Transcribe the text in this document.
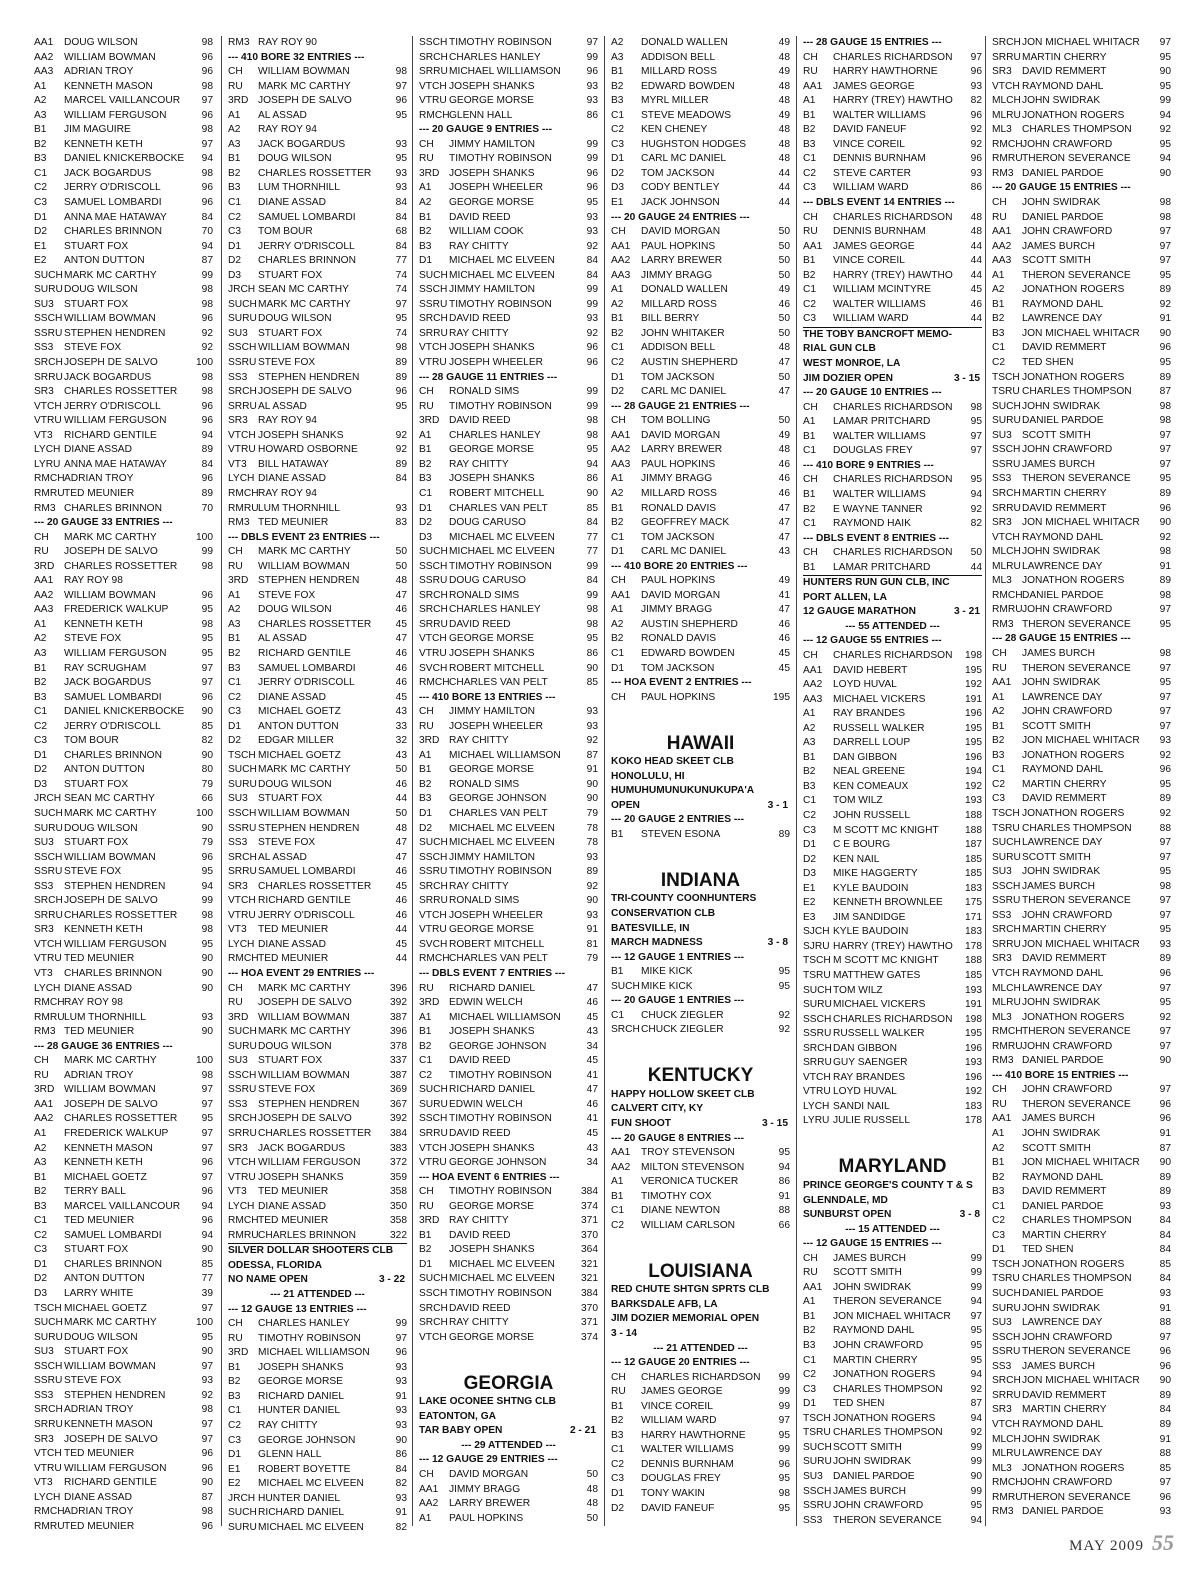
AA1	DOUG WILSON	98
AA2	WILLIAM BOWMAN	96
AA3	ADRIAN TROY	96
A1	KENNETH MASON	98
A2	MARCEL VAILLANCOUR	97
A3	WILLIAM FERGUSON	96
B1	JIM MAGUIRE	98
B2	KENNETH KETH	97
B3	DANIEL KNICKERBOCKE	94
C1	JACK BOGARDUS	98
C2	JERRY O'DRISCOLL	96
C3	SAMUEL LOMBARDI	96
D1	ANNA MAE HATAWAY	84
D2	CHARLES BRINNON	70
E1	STUART FOX	94
E2	ANTON DUTTON	87
SUCH MARK MC CARTHY	99
SURU DOUG WILSON	98
SU3 STUART FOX	98
SSCH WILLIAM BOWMAN	96
SSRU STEPHEN HENDREN	92
SS3	STEVE FOX	92
SRCH JOSEPH DE SALVO	100
SRRU JACK BOGARDUS	98
SR3 CHARLES ROSSETTER	98
VTCH JERRY O'DRISCOLL	96
VTRU WILLIAM FERGUSON	96
VT3	RICHARD GENTILE	94
LYCH DIANE ASSAD	89
LYRU ANNA MAE HATAWAY	84
RMCH ADRIAN TROY	96
RMRU TED MEUNIER	89
RM3 CHARLES BRINNON	70
--- 20 GAUGE 33 ENTRIES ---
CH	MARK MC CARTHY	100
RU	JOSEPH DE SALVO	99
3RD CHARLES ROSSETTER	98
AA1	RAY ROY 98
AA2	WILLIAM BOWMAN	96
AA3	FREDERICK WALKUP	95
A1	KENNETH KETH	98
A2	STEVE FOX	95
A3	WILLIAM FERGUSON	95
B1	RAY SCRUGHAM	97
B2	JACK BOGARDUS	97
B3	SAMUEL LOMBARDI	96
C1	DANIEL KNICKERBOCKE	90
C2	JERRY O'DRISCOLL	85
C3	TOM BOUR	82
D1	CHARLES BRINNON	90
D2	ANTON DUTTON	80
D3	STUART FOX	79
JRCH SEAN MC CARTHY	66
SUCH MARK MC CARTHY	100
SURU DOUG WILSON	90
SU3 STUART FOX	79
SSCH WILLIAM BOWMAN	96
SSRU STEVE FOX	95
SS3	STEPHEN HENDREN	94
SRCH JOSEPH DE SALVO	99
SRRU CHARLES ROSSETTER	98
SR3 KENNETH KETH	98
VTCH WILLIAM FERGUSON	95
VTRU TED MEUNIER	90
VT3	CHARLES BRINNON	90
LYCH DIANE ASSAD	90
RMCH RAY ROY 98
RMRU LUM THORNHILL	93
RM3 TED MEUNIER	90
--- 28 GAUGE 36 ENTRIES ---
CH	MARK MC CARTHY	100
RU	ADRIAN TROY	98
3RD WILLIAM BOWMAN	97
AA1	JOSEPH DE SALVO	97
AA2	CHARLES ROSSETTER	95
A1	FREDERICK WALKUP	97
A2	KENNETH MASON	97
A3	KENNETH KETH	96
B1	MICHAEL GOETZ	97
B2	TERRY BALL	96
B3	MARCEL VAILLANCOUR	94
C1	TED MEUNIER	96
C2	SAMUEL LOMBARDI	94
C3	STUART FOX	90
D1	CHARLES BRINNON	85
D2	ANTON DUTTON	77
D3	LARRY WHITE	39
TSCH MICHAEL GOETZ	97
SUCH MARK MC CARTHY	100
SURU DOUG WILSON	95
SU3 STUART FOX	90
SSCH WILLIAM BOWMAN	97
SSRU STEVE FOX	93
SS3	STEPHEN HENDREN	92
SRCH ADRIAN TROY	98
SRRU KENNETH MASON	97
SR3 JOSEPH DE SALVO	97
VTCH TED MEUNIER	96
VTRU WILLIAM FERGUSON	96
VT3	RICHARD GENTILE	90
LYCH DIANE ASSAD	87
RMCH ADRIAN TROY	98
RMRU TED MEUNIER	96
RM3 RAY ROY 90
--- 410 BORE 32 ENTRIES ---
CH	WILLIAM BOWMAN	98
RU	MARK MC CARTHY	97
3RD JOSEPH DE SALVO	96
A1	AL ASSAD	95
A2	RAY ROY 94
A3	JACK BOGARDUS	93
B1	DOUG WILSON	95
B2	CHARLES ROSSETTER	93
B3	LUM THORNHILL	93
C1	DIANE ASSAD	84
C2	SAMUEL LOMBARDI	84
C3	TOM BOUR	68
D1	JERRY O'DRISCOLL	84
D2	CHARLES BRINNON	77
D3	STUART FOX	74
JRCH SEAN MC CARTHY	74
SUCH MARK MC CARTHY	97
SURU DOUG WILSON	95
SU3 STUART FOX	74
SSCH WILLIAM BOWMAN	98
SSRU STEVE FOX	89
SS3	STEPHEN HENDREN	89
SRCH JOSEPH DE SALVO	96
SRRU AL ASSAD	95
SR3 RAY ROY 94
VTCH JOSEPH SHANKS	92
VTRU HOWARD OSBORNE	92
VT3	BILL HATAWAY	89
LYCH DIANE ASSAD	84
RMCH RAY ROY 94
RMRU LUM THORNHILL	93
RM3 TED MEUNIER	83
--- DBLS EVENT 23 ENTRIES ---
CH	MARK MC CARTHY	50
RU	WILLIAM BOWMAN	50
3RD STEPHEN HENDREN	48
A1	STEVE FOX	47
A2	DOUG WILSON	46
A3	CHARLES ROSSETTER	45
B1	AL ASSAD	47
B2	RICHARD GENTILE	46
B3	SAMUEL LOMBARDI	46
C1	JERRY O'DRISCOLL	46
C2	DIANE ASSAD	45
C3	MICHAEL GOETZ	43
D1	ANTON DUTTON	33
D2	EDGAR MILLER	32
TSCH MICHAEL GOETZ	43
SUCH MARK MC CARTHY	50
SURU DOUG WILSON	46
SU3 STUART FOX	44
SSCH WILLIAM BOWMAN	50
SSRU STEPHEN HENDREN	48
SS3	STEVE FOX	47
SRCH AL ASSAD	47
SRRU SAMUEL LOMBARDI	46
SR3 CHARLES ROSSETTER	45
VTCH RICHARD GENTILE	46
VTRU JERRY O'DRISCOLL	46
VT3	TED MEUNIER	44
LYCH DIANE ASSAD	45
RMCH TED MEUNIER	44
--- HOA EVENT 29 ENTRIES ---
CH	MARK MC CARTHY	396
RU	JOSEPH DE SALVO	392
3RD WILLIAM BOWMAN	387
SUCH MARK MC CARTHY	396
SURU DOUG WILSON	378
SU3 STUART FOX	337
SSCH WILLIAM BOWMAN	387
SSRU STEVE FOX	369
SS3	STEPHEN HENDREN	367
SRCH JOSEPH DE SALVO	392
SRRU CHARLES ROSSETTER	384
SR3 JACK BOGARDUS	383
VTCH WILLIAM FERGUSON	372
VTRU JOSEPH SHANKS	359
VT3	TED MEUNIER	358
LYCH DIANE ASSAD	350
RMCH TED MEUNIER	358
RMRU CHARLES BRINNON	322
SILVER DOLLAR SHOOTERS CLB
ODESSA, FLORIDA
NO NAME OPEN	3 - 22
--- 21 ATTENDED ---
--- 12 GAUGE 13 ENTRIES ---
CH	CHARLES HANLEY	99
RU	TIMOTHY ROBINSON	97
3RD MICHAEL WILLIAMSON	96
B1	JOSEPH SHANKS	93
B2	GEORGE MORSE	93
B3	RICHARD DANIEL	91
C1	HUNTER DANIEL	93
C2	RAY CHITTY	93
C3	GEORGE JOHNSON	90
D1	GLENN HALL	86
E1	ROBERT BOYETTE	84
E2	MICHAEL MC ELVEEN	82
JRCH HUNTER DANIEL	93
SUCH RICHARD DANIEL	91
SURU MICHAEL MC ELVEEN	82
SSCH TIMOTHY ROBINSON	97
SRCH CHARLES HANLEY	99
SRRU MICHAEL WILLIAMSON	96
VTCH JOSEPH SHANKS	93
VTRU GEORGE MORSE	93
RMCH GLENN HALL	86
--- 20 GAUGE 9 ENTRIES ---
CH	JIMMY HAMILTON	99
RU	TIMOTHY ROBINSON	99
3RD JOSEPH SHANKS	96
A1	JOSEPH WHEELER	96
A2	GEORGE MORSE	95
B1	DAVID REED	93
B2	WILLIAM COOK	93
B3	RAY CHITTY	92
D1	MICHAEL MC ELVEEN	84
SUCH MICHAEL MC ELVEEN	84
SSCH JIMMY HAMILTON	99
SSRU TIMOTHY ROBINSON	99
SRCH DAVID REED	93
SRRU RAY CHITTY	92
VTCH JOSEPH SHANKS	96
VTRU JOSEPH WHEELER	96
--- 28 GAUGE 11 ENTRIES ---
CH	RONALD SIMS	99
RU	TIMOTHY ROBINSON	99
3RD DAVID REED	98
A1	CHARLES HANLEY	98
B1	GEORGE MORSE	95
B2	RAY CHITTY	94
B3	JOSEPH SHANKS	86
C1	ROBERT MITCHELL	90
D1	CHARLES VAN PELT	85
D2	DOUG CARUSO	84
D3	MICHAEL MC ELVEEN	77
SUCH MICHAEL MC ELVEEN	77
SSCH TIMOTHY ROBINSON	99
SSRU DOUG CARUSO	84
SRCH RONALD SIMS	99
SRCH CHARLES HANLEY	98
SRRU DAVID REED	98
VTCH GEORGE MORSE	95
VTRU JOSEPH SHANKS	86
SVCH ROBERT MITCHELL	90
RMCH CHARLES VAN PELT	85
--- 410 BORE 13 ENTRIES ---
CH	JIMMY HAMILTON	93
RU	JOSEPH WHEELER	93
3RD RAY CHITTY	92
A1	MICHAEL WILLIAMSON	87
B1	GEORGE MORSE	91
B2	RONALD SIMS	90
B3	GEORGE JOHNSON	90
D1	CHARLES VAN PELT	79
D2	MICHAEL MC ELVEEN	78
SUCH MICHAEL MC ELVEEN	78
SSCH JIMMY HAMILTON	93
SSRU TIMOTHY ROBINSON	89
SRCH RAY CHITTY	92
SRRU RONALD SIMS	90
VTCH JOSEPH WHEELER	93
VTRU GEORGE MORSE	91
SVCH ROBERT MITCHELL	81
RMCH CHARLES VAN PELT	79
--- DBLS EVENT 7 ENTRIES ---
RU	RICHARD DANIEL	47
3RD EDWIN WELCH	46
A1	MICHAEL WILLIAMSON	45
B1	JOSEPH SHANKS	43
B2	GEORGE JOHNSON	34
C1	DAVID REED	45
C2	TIMOTHY ROBINSON	41
SUCH RICHARD DANIEL	47
SURU EDWIN WELCH	46
SSCH TIMOTHY ROBINSON	41
SRRU DAVID REED	45
VTCH JOSEPH SHANKS	43
VTRU GEORGE JOHNSON	34
--- HOA EVENT 6 ENTRIES ---
CH	TIMOTHY ROBINSON	384
RU	GEORGE MORSE	374
3RD RAY CHITTY	371
B1	DAVID REED	370
B2	JOSEPH SHANKS	364
D1	MICHAEL MC ELVEEN	321
SUCH MICHAEL MC ELVEEN	321
SSCH TIMOTHY ROBINSON	384
SRCH DAVID REED	370
SRCH RAY CHITTY	371
VTCH GEORGE MORSE	374
GEORGIA
LAKE OCONEE SHTNG CLB
EATONTON, GA
TAR BABY OPEN	2 - 21
--- 29 ATTENDED ---
--- 12 GAUGE 29 ENTRIES ---
CH	DAVID MORGAN	50
AA1	JIMMY BRAGG	48
AA2	LARRY BREWER	48
A1	PAUL HOPKINS	50
A2	DONALD WALLEN	49
A3	ADDISON BELL	48
B1	MILLARD ROSS	49
B2	EDWARD BOWDEN	48
B3	MYRL MILLER	48
C1	STEVE MEADOWS	49
C2	KEN CHENEY	48
C3	HUGHSTON HODGES	48
D1	CARL MC DANIEL	48
D2	TOM JACKSON	44
D3	CODY BENTLEY	44
E1	JACK JOHNSON	44
--- 20 GAUGE 24 ENTRIES ---
CH	DAVID MORGAN	50
AA1	PAUL HOPKINS	50
AA2	LARRY BREWER	50
AA3	JIMMY BRAGG	50
A1	DONALD WALLEN	49
A2	MILLARD ROSS	46
B1	BILL BERRY	50
B2	JOHN WHITAKER	50
C1	ADDISON BELL	48
C2	AUSTIN SHEPHERD	47
D1	TOM JACKSON	50
D2	CARL MC DANIEL	47
--- 28 GAUGE 21 ENTRIES ---
CH	TOM BOLLING	50
AA1	DAVID MORGAN	49
AA2	LARRY BREWER	48
AA3	PAUL HOPKINS	46
A1	JIMMY BRAGG	46
A2	MILLARD ROSS	46
B1	RONALD DAVIS	47
B2	GEOFFREY MACK	47
C1	TOM JACKSON	47
D1	CARL MC DANIEL	43
--- 410 BORE 20 ENTRIES ---
CH	PAUL HOPKINS	49
AA1	DAVID MORGAN	41
A1	JIMMY BRAGG	47
A2	AUSTIN SHEPHERD	46
B2	RONALD DAVIS	46
C1	EDWARD BOWDEN	45
D1	TOM JACKSON	45
--- HOA EVENT 2 ENTRIES ---
CH	PAUL HOPKINS	195
HAWAII
KOKO HEAD SKEET CLB
HONOLULU, HI
HUMUHUMUNUKUNUKUPA'A
OPEN	3 - 1
--- 20 GAUGE 2 ENTRIES ---
B1	STEVEN ESONA	89
INDIANA
TRI-COUNTY COONHUNTERS
CONSERVATION CLB
BATESVILLE, IN
MARCH MADNESS	3 - 8
--- 12 GAUGE 1 ENTRIES ---
B1	MIKE KICK	95
SUCH MIKE KICK	95
--- 20 GAUGE 1 ENTRIES ---
C1	CHUCK ZIEGLER	92
SRCH CHUCK ZIEGLER	92
KENTUCKY
HAPPY HOLLOW SKEET CLB
CALVERT CITY, KY
FUN SHOOT	3 - 15
--- 20 GAUGE 8 ENTRIES ---
AA1	TROY STEVENSON	95
AA2	MILTON STEVENSON	94
A1	VERONICA TUCKER	86
B1	TIMOTHY COX	91
C1	DIANE NEWTON	88
C2	WILLIAM CARLSON	66
LOUISIANA
RED CHUTE SHTGN SPRTS CLB
BARKSDALE AFB, LA
JIM DOZIER MEMORIAL OPEN
3 - 14
--- 21 ATTENDED ---
--- 12 GAUGE 20 ENTRIES ---
CH	CHARLES RICHARDSON	99
RU	JAMES GEORGE	99
B1	VINCE COREIL	99
B2	WILLIAM WARD	97
B3	HARRY HAWTHORNE	95
C1	WALTER WILLIAMS	99
C2	DENNIS BURNHAM	96
C3	DOUGLAS FREY	95
D1	TONY WAKIN	98
D2	DAVID FANEUF	95
--- 28 GAUGE 15 ENTRIES ---
CH	CHARLES RICHARDSON	97
RU	HARRY HAWTHORNE	96
AA1	JAMES GEORGE	93
A1	HARRY (TREY) HAWTHO	82
B1	WALTER WILLIAMS	96
B2	DAVID FANEUF	92
B3	VINCE COREIL	92
C1	DENNIS BURNHAM	96
C2	STEVE CARTER	93
C3	WILLIAM WARD	86
--- DBLS EVENT 14 ENTRIES ---
CH	CHARLES RICHARDSON	48
RU	DENNIS BURNHAM	48
AA1	JAMES GEORGE	44
B1	VINCE COREIL	44
B2	HARRY (TREY) HAWTHO	44
C1	WILLIAM MCINTYRE	45
C2	WALTER WILLIAMS	46
C3	WILLIAM WARD	44
THE TOBY BANCROFT MEMO-
RIAL GUN CLB
WEST MONROE, LA
JIM DOZIER OPEN	3 - 15
--- 20 GAUGE 10 ENTRIES ---
CH	CHARLES RICHARDSON	98
A1	LAMAR PRITCHARD	95
B1	WALTER WILLIAMS	97
C1	DOUGLAS FREY	97
--- 410 BORE 9 ENTRIES ---
CH	CHARLES RICHARDSON	95
B1	WALTER WILLIAMS	94
B2	E WAYNE TANNER	92
C1	RAYMOND HAIK	82
--- DBLS EVENT 8 ENTRIES ---
CH	CHARLES RICHARDSON	50
B1	LAMAR PRITCHARD	44
HUNTERS RUN GUN CLB, INC
PORT ALLEN, LA
12 GAUGE MARATHON	3 - 21
--- 55 ATTENDED ---
--- 12 GAUGE 55 ENTRIES ---
CH	CHARLES RICHARDSON	198
AA1	DAVID HEBERT	195
AA2	LOYD HUVAL	192
AA3	MICHAEL VICKERS	191
A1	RAY BRANDES	196
A2	RUSSELL WALKER	195
A3	DARRELL LOUP	195
B1	DAN GIBBON	196
B2	NEAL GREENE	194
B3	KEN COMEAUX	192
C1	TOM WILZ	193
C2	JOHN RUSSELL	188
C3	M SCOTT MC KNIGHT	188
D1	C E BOURG	187
D2	KEN NAIL	185
D3	MIKE HAGGERTY	185
E1	KYLE BAUDOIN	183
E2	KENNETH BROWNLEE	175
E3	JIM SANDIDGE	171
SJCH KYLE BAUDOIN	183
SJRU HARRY (TREY) HAWTHO	178
TSCH M SCOTT MC KNIGHT	188
TSRU MATTHEW GATES	185
SUCH TOM WILZ	193
SURU MICHAEL VICKERS	191
SSCH CHARLES RICHARDSON	198
SSRU RUSSELL WALKER	195
SRCH DAN GIBBON	196
SRRU GUY SAENGER	193
VTCH RAY BRANDES	196
VTRU LOYD HUVAL	192
LYCH SANDI NAIL	183
LYRU JULIE RUSSELL	178
MARYLAND
PRINCE GEORGE'S COUNTY T & S
GLENNDALE, MD
SUNBURST OPEN	3 - 8
--- 15 ATTENDED ---
--- 12 GAUGE 15 ENTRIES ---
CH	JAMES BURCH	99
RU	SCOTT SMITH	99
AA1	JOHN SWIDRAK	99
A1	THERON SEVERANCE	94
B1	JON MICHAEL WHITACR	97
B2	RAYMOND DAHL	95
B3	JOHN CRAWFORD	95
C1	MARTIN CHERRY	95
C2	JONATHON ROGERS	94
C3	CHARLES THOMPSON	92
D1	TED SHEN	87
TSCH JONATHON ROGERS	94
TSRU CHARLES THOMPSON	92
SUCH SCOTT SMITH	99
SURU JOHN SWIDRAK	99
SU3 DANIEL PARDOE	90
SSCH JAMES BURCH	99
SSRU JOHN CRAWFORD	95
SS3	THERON SEVERANCE	94
SRCH JON MICHAEL WHITACR	97
SRRU MARTIN CHERRY	95
SR3 DAVID REMMERT	90
VTCH RAYMOND DAHL	95
MLCH JOHN SWIDRAK	99
MLRU JONATHON ROGERS	94
ML3 CHARLES THOMPSON	92
RMCH JOHN CRAWFORD	95
RMRU THERON SEVERANCE	94
RM3 DANIEL PARDOE	90
--- 20 GAUGE 15 ENTRIES ---
CH	JOHN SWIDRAK	98
RU	DANIEL PARDOE	98
AA1	JOHN CRAWFORD	97
AA2	JAMES BURCH	97
AA3	SCOTT SMITH	97
A1	THERON SEVERANCE	95
A2	JONATHON ROGERS	89
B1	RAYMOND DAHL	92
B2	LAWRENCE DAY	91
B3	JON MICHAEL WHITACR	90
C1	DAVID REMMERT	96
C2	TED SHEN	95
TSCH JONATHON ROGERS	89
TSRU CHARLES THOMPSON	87
SUCH JOHN SWIDRAK	98
SURU DANIEL PARDOE	98
SU3 SCOTT SMITH	97
SSCH JOHN CRAWFORD	97
SSRU JAMES BURCH	97
SS3	THERON SEVERANCE	95
SRCH MARTIN CHERRY	89
SRRU DAVID REMMERT	96
SR3 JON MICHAEL WHITACR	90
VTCH RAYMOND DAHL	92
MLCH JOHN SWIDRAK	98
MLRU LAWRENCE DAY	91
ML3 JONATHON ROGERS	89
RMCH DANIEL PARDOE	98
RMRU JOHN CRAWFORD	97
RM3 THERON SEVERANCE	95
--- 28 GAUGE 15 ENTRIES ---
CH	JAMES BURCH	98
RU	THERON SEVERANCE	97
AA1	JOHN SWIDRAK	95
A1	LAWRENCE DAY	97
A2	JOHN CRAWFORD	97
B1	SCOTT SMITH	97
B2	JON MICHAEL WHITACR	93
B3	JONATHON ROGERS	92
C1	RAYMOND DAHL	96
C2	MARTIN CHERRY	95
C3	DAVID REMMERT	89
TSCH JONATHON ROGERS	92
TSRU CHARLES THOMPSON	88
SUCH LAWRENCE DAY	97
SURU SCOTT SMITH	97
SU3 JOHN SWIDRAK	95
SSCH JAMES BURCH	98
SSRU THERON SEVERANCE	97
SS3	JOHN CRAWFORD	97
SRCH MARTIN CHERRY	95
SRRU JON MICHAEL WHITACR	93
SR3 DAVID REMMERT	89
VTCH RAYMOND DAHL	96
MLCH LAWRENCE DAY	97
MLRU JOHN SWIDRAK	95
ML3 JONATHON ROGERS	92
RMCH THERON SEVERANCE	97
RMRU JOHN CRAWFORD	97
RM3 DANIEL PARDOE	90
--- 410 BORE 15 ENTRIES ---
CH	JOHN CRAWFORD	97
RU	THERON SEVERANCE	96
AA1	JAMES BURCH	96
A1	JOHN SWIDRAK	91
A2	SCOTT SMITH	87
B1	JON MICHAEL WHITACR	90
B2	RAYMOND DAHL	89
B3	DAVID REMMERT	89
C1	DANIEL PARDOE	93
C2	CHARLES THOMPSON	84
C3	MARTIN CHERRY	84
D1	TED SHEN	84
TSCH JONATHON ROGERS	85
TSRU CHARLES THOMPSON	84
SUCH DANIEL PARDOE	93
SURU JOHN SWIDRAK	91
SU3 LAWRENCE DAY	88
SSCH JOHN CRAWFORD	97
SSRU THERON SEVERANCE	96
SS3	JAMES BURCH	96
SRCH JON MICHAEL WHITACR	90
SRRU DAVID REMMERT	89
SR3 MARTIN CHERRY	84
VTCH RAYMOND DAHL	89
MLCH JOHN SWIDRAK	91
MLRU LAWRENCE DAY	88
ML3 JONATHON ROGERS	85
RMCH JOHN CRAWFORD	97
RMRU THERON SEVERANCE	96
RM3 DANIEL PARDOE	93
MAY 2009 55
